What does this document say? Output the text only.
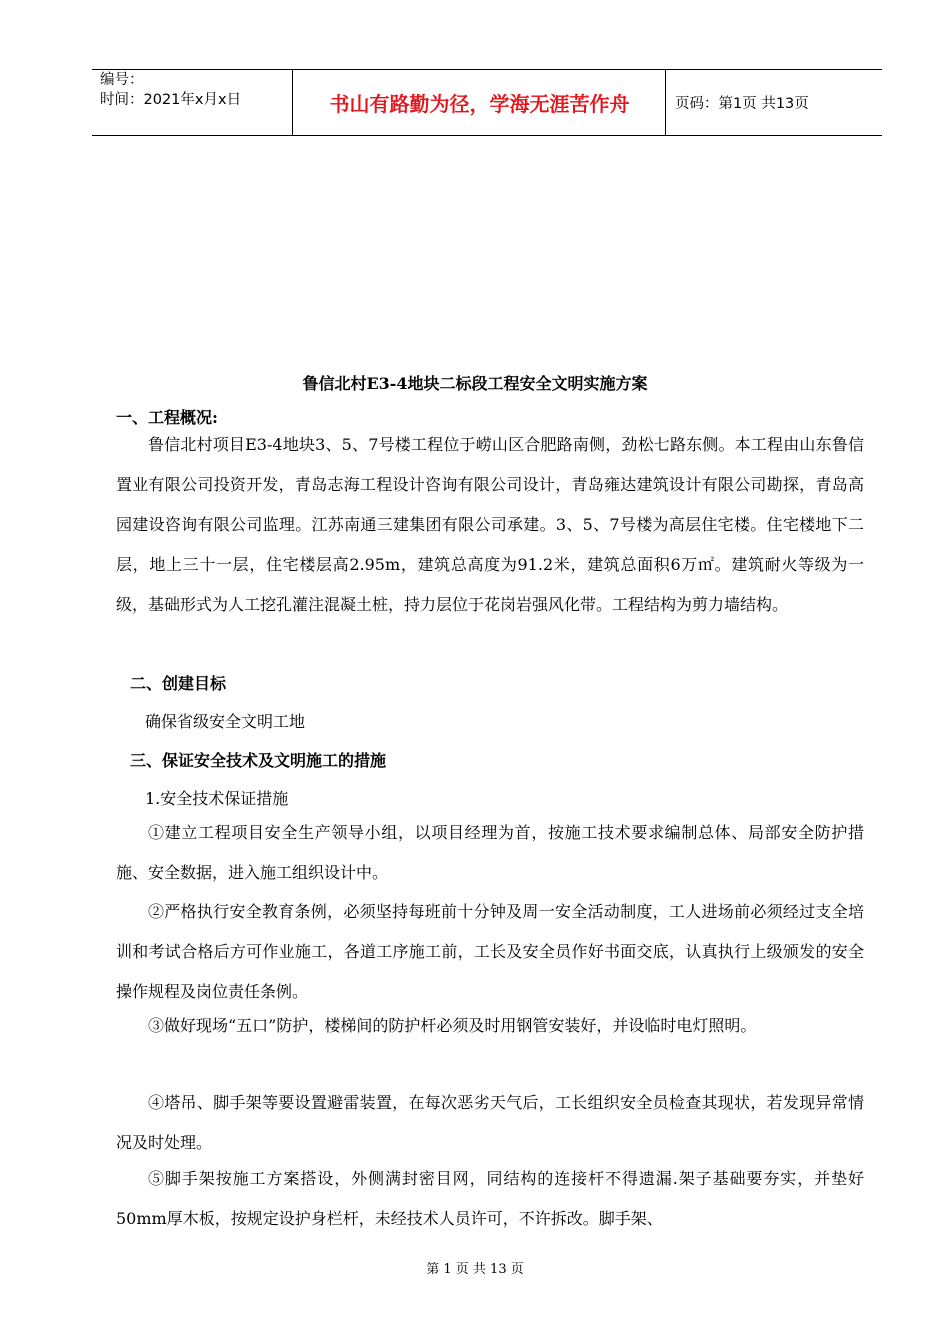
编号：
时间：2021年x月x日	书山有路勤为径，学海无涯苦作舟	页码：第1页 共13页
鲁信北村E3-4地块二标段工程安全文明实施方案
一、工程概况:

鲁信北村项目E3-4地块3、5、7号楼工程位于崂山区合肥路南侧，劲松七路东侧。本工程由山东鲁信置业有限公司投资开发，青岛志海工程设计咨询有限公司设计，青岛雍达建筑设计有限公司勘探，青岛高园建设咨询有限公司监理。江苏南通三建集团有限公司承建。3、5、7号楼为高层住宅楼。住宅楼地下二层，地上三十一层，住宅楼层高2.95m，建筑总高度为91.2米，建筑总面积6万㎡。建筑耐火等级为一级，基础形式为人工挖孔灌注混凝土桩，持力层位于花岗岩强风化带。工程结构为剪力墙结构。

二、创建目标
确保省级安全文明工地
三、保证安全技术及文明施工的措施
1.安全技术保证措施

①建立工程项目安全生产领导小组，以项目经理为首，按施工技术要求编制总体、局部安全防护措施、安全数据，进入施工组织设计中。

②严格执行安全教育条例，必须坚持每班前十分钟及周一安全活动制度，工人进场前必须经过支全培训和考试合格后方可作业施工，各道工序施工前，工长及安全员作好书面交底，认真执行上级颁发的安全操作规程及岗位责任条例。

③做好现场“五口”防护，楼梯间的防护杆必须及时用钢管安装好，并设临时电灯照明。

④塔吊、脚手架等要设置避雷装置，在每次恶劣天气后，工长组织安全员检查其现状，若发现异常情况及时处理。

⑤脚手架按施工方案搭设，外侧满封密目网，同结构的连接杆不得遗漏.架子基础要夯实，并垫好50mm厚木板，按规定设护身栏杆，未经技术人员许可，不许拆改。脚手架、

第 1 页 共 13 页
